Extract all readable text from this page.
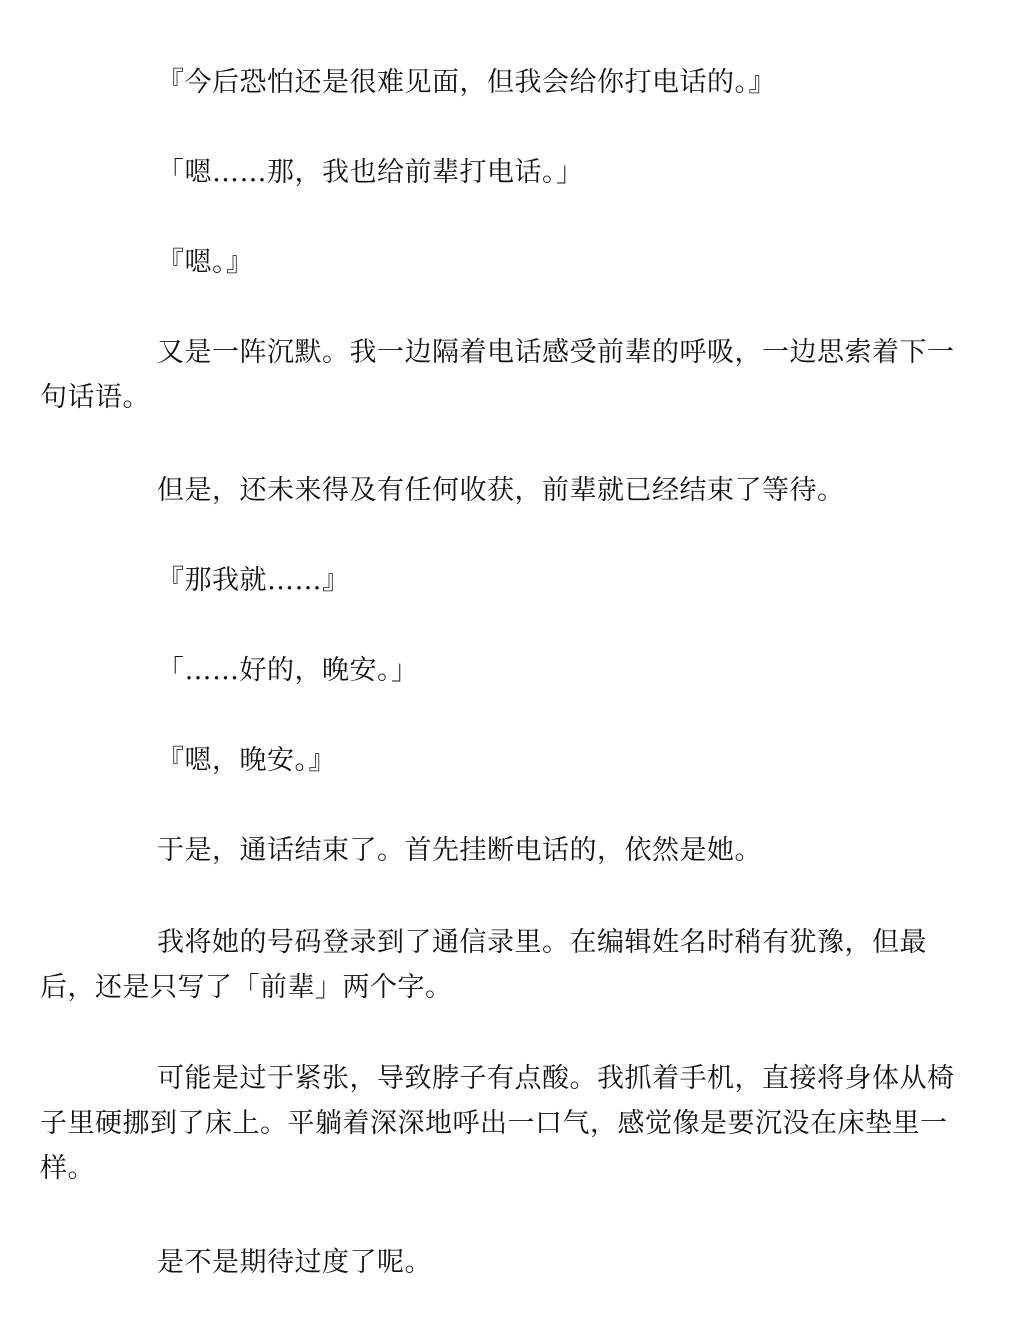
『今后恐怕还是很难见面，但我会给你打电话的。』

「嗯……那，我也给前辈打电话。」

『嗯。』

又是一阵沉默。我一边隔着电话感受前辈的呼吸，一边思索着下一句话语。

但是，还未来得及有任何收获，前辈就已经结束了等待。

『那我就……』

「……好的，晚安。」

『嗯，晚安。』

于是，通话结束了。首先挂断电话的，依然是她。

我将她的号码登录到了通信录里。在编辑姓名时稍有犹豫，但最后，还是只写了「前辈」两个字。

可能是过于紧张，导致脖子有点酸。我抓着手机，直接将身体从椅子里硬挪到了床上。平躺着深深地呼出一口气，感觉像是要沉没在床垫里一样。

是不是期待过度了呢。
